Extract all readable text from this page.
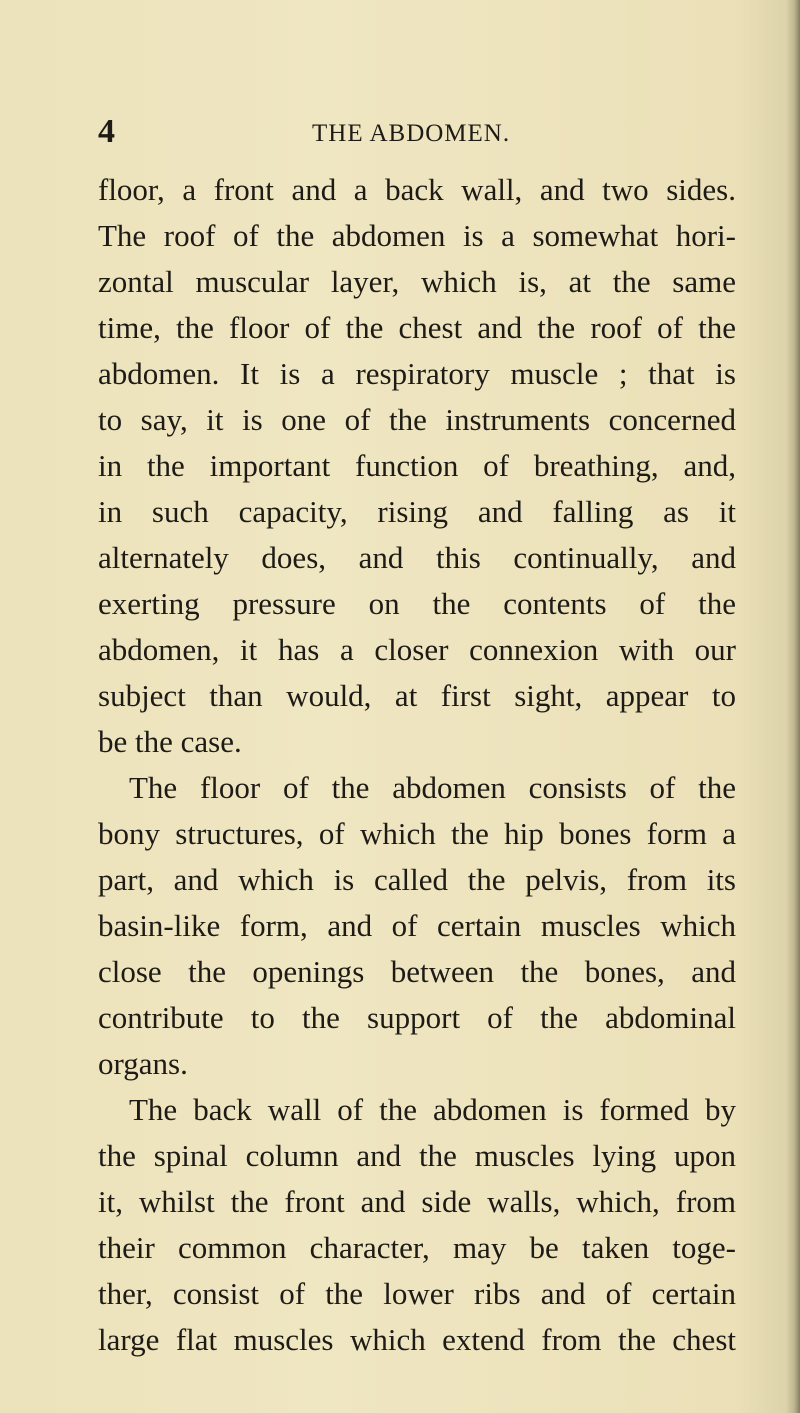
4	THE ABDOMEN.
floor, a front and a back wall, and two sides.
The roof of the abdomen is a somewhat hori-
zontal muscular layer, which is, at the same
time, the floor of the chest and the roof of the
abdomen. It is a respiratory muscle ; that is
to say, it is one of the instruments concerned
in the important function of breathing, and,
in such capacity, rising and falling as it
alternately does, and this continually, and
exerting pressure on the contents of the
abdomen, it has a closer connexion with our
subject than would, at first sight, appear to
be the case.
The floor of the abdomen consists of the
bony structures, of which the hip bones form a
part, and which is called the pelvis, from its
basin-like form, and of certain muscles which
close the openings between the bones, and
contribute to the support of the abdominal
organs.
The back wall of the abdomen is formed by
the spinal column and the muscles lying upon
it, whilst the front and side walls, which, from
their common character, may be taken toge-
ther, consist of the lower ribs and of certain
large flat muscles which extend from the chest
